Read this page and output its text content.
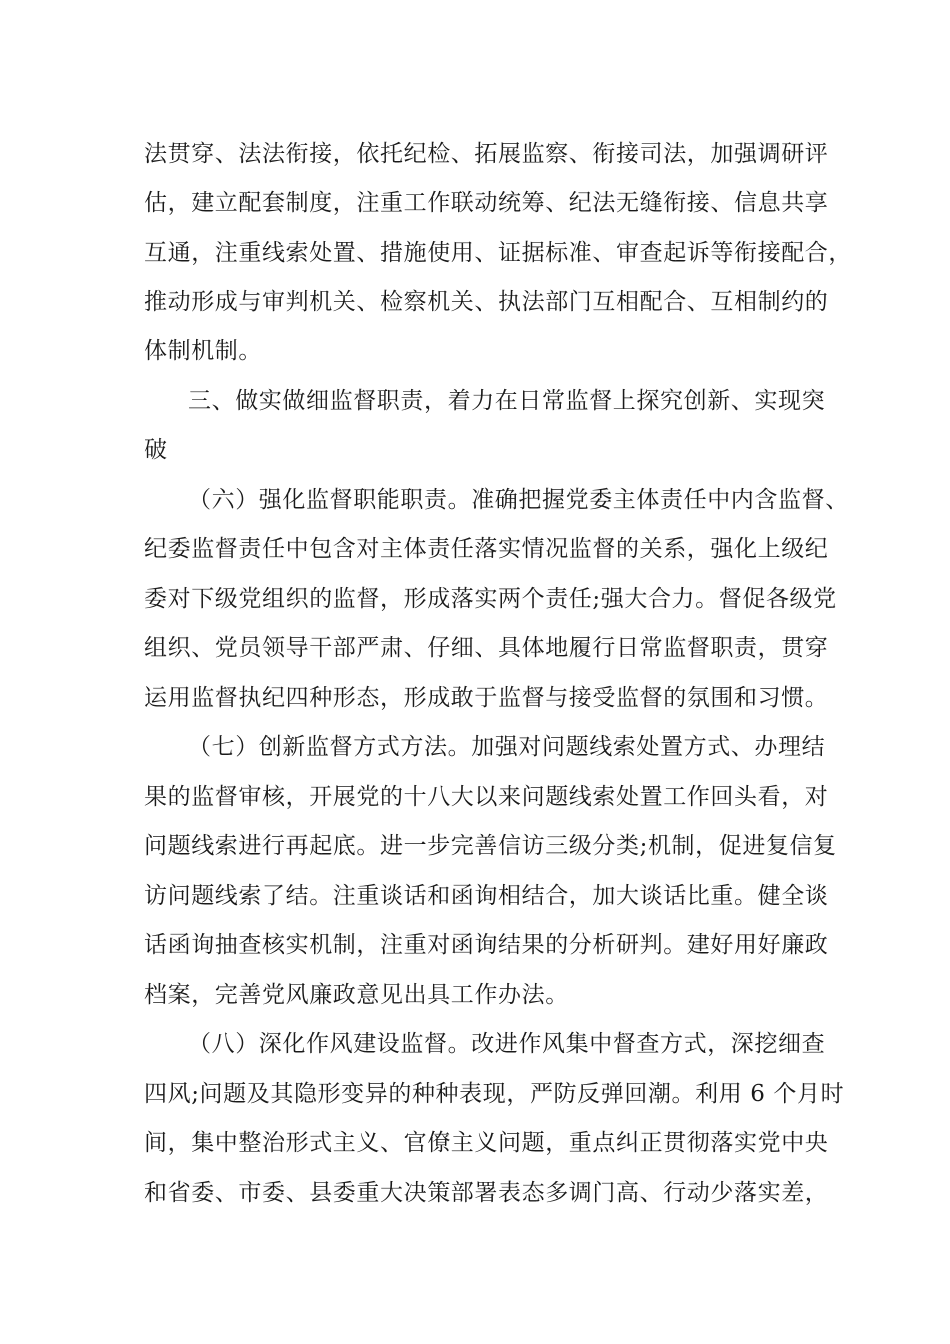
法贯穿、法法衔接，依托纪检、拓展监察、衔接司法，加强调研评
估，建立配套制度，注重工作联动统筹、纪法无缝衔接、信息共享
互通，注重线索处置、措施使用、证据标准、审查起诉等衔接配合，
推动形成与审判机关、检察机关、执法部门互相配合、互相制约的
体制机制。
三、做实做细监督职责，着力在日常监督上探究创新、实现突
破
（六）强化监督职能职责。准确把握党委主体责任中内含监督、
纪委监督责任中包含对主体责任落实情况监督的关系，强化上级纪
委对下级党组织的监督，形成落实两个责任;强大合力。督促各级党
组织、党员领导干部严肃、仔细、具体地履行日常监督职责，贯穿
运用监督执纪四种形态，形成敢于监督与接受监督的氛围和习惯。
（七）创新监督方式方法。加强对问题线索处置方式、办理结
果的监督审核，开展党的十八大以来问题线索处置工作回头看，对
问题线索进行再起底。进一步完善信访三级分类;机制，促进复信复
访问题线索了结。注重谈话和函询相结合，加大谈话比重。健全谈
话函询抽查核实机制，注重对函询结果的分析研判。建好用好廉政
档案，完善党风廉政意见出具工作办法。
（八）深化作风建设监督。改进作风集中督查方式，深挖细查
四风;问题及其隐形变异的种种表现，严防反弹回潮。利用 6 个月时
间，集中整治形式主义、官僚主义问题，重点纠正贯彻落实党中央
和省委、市委、县委重大决策部署表态多调门高、行动少落实差，
